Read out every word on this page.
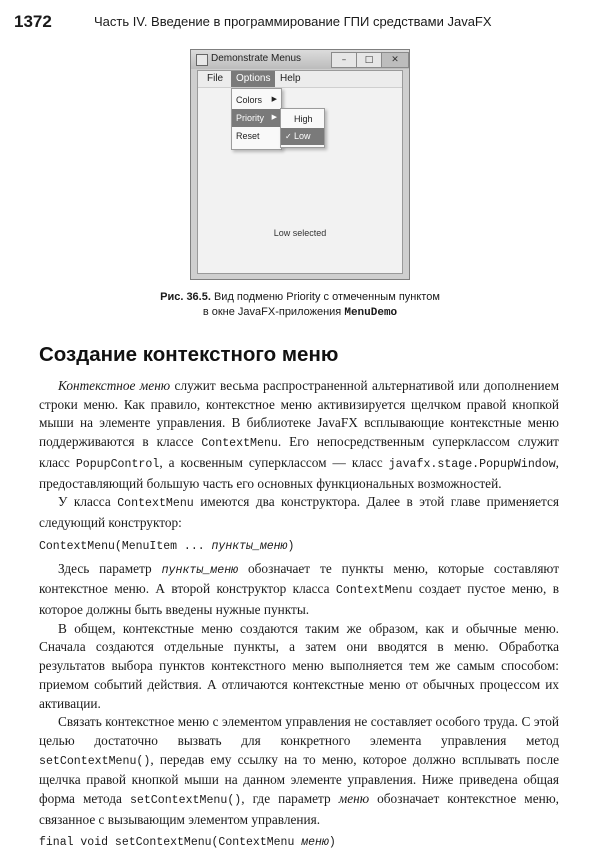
1372	Часть IV. Введение в программирование ГПИ средствами JavaFX
Demonstrate Menus	–	□	✕
File	Options Help
Colors ▶
Priority ▶
Reset
High
✓ Low
Low selected
Рис. 36.5. Вид подменю Priority с отмеченным пунктом
в окне JavaFX-приложения MenuDemo
Создание контекстного меню

Контекстное меню служит весьма распространенной альтернативой или дополнением строки меню. Как правило, контекстное меню активизируется щелчком правой кнопкой мыши на элементе управления. В библиотеке JavaFX всплывающие контекстные меню поддерживаются в классе ContextMenu. Его непосредственным суперклассом служит класс PopupControl, а косвенным суперклассом — класс javafx.stage.PopupWindow, предоставляющий большую часть его основных функциональных возможностей.

У класса ContextMenu имеются два конструктора. Далее в этой главе применяется следующий конструктор:

ContextMenu(MenuItem ... пункты_меню)

Здесь параметр пункты_меню обозначает те пункты меню, которые составляют контекстное меню. А второй конструктор класса ContextMenu создает пустое меню, в которое должны быть введены нужные пункты.

В общем, контекстные меню создаются таким же образом, как и обычные меню. Сначала создаются отдельные пункты, а затем они вводятся в меню. Обработка результатов выбора пунктов контекстного меню выполняется тем же самым способом: приемом событий действия. А отличаются контекстные меню от обычных процессом их активации.

Связать контекстное меню с элементом управления не составляет особого труда. С этой целью достаточно вызвать для конкретного элемента управления метод setContextMenu(), передав ему ссылку на то меню, которое должно всплывать после щелчка правой кнопкой мыши на данном элементе управления. Ниже приведена общая форма метода setContextMenu(), где параметр меню обозначает контекстное меню, связанное с вызывающим элементом управления.

final void setContextMenu(ContextMenu меню)
